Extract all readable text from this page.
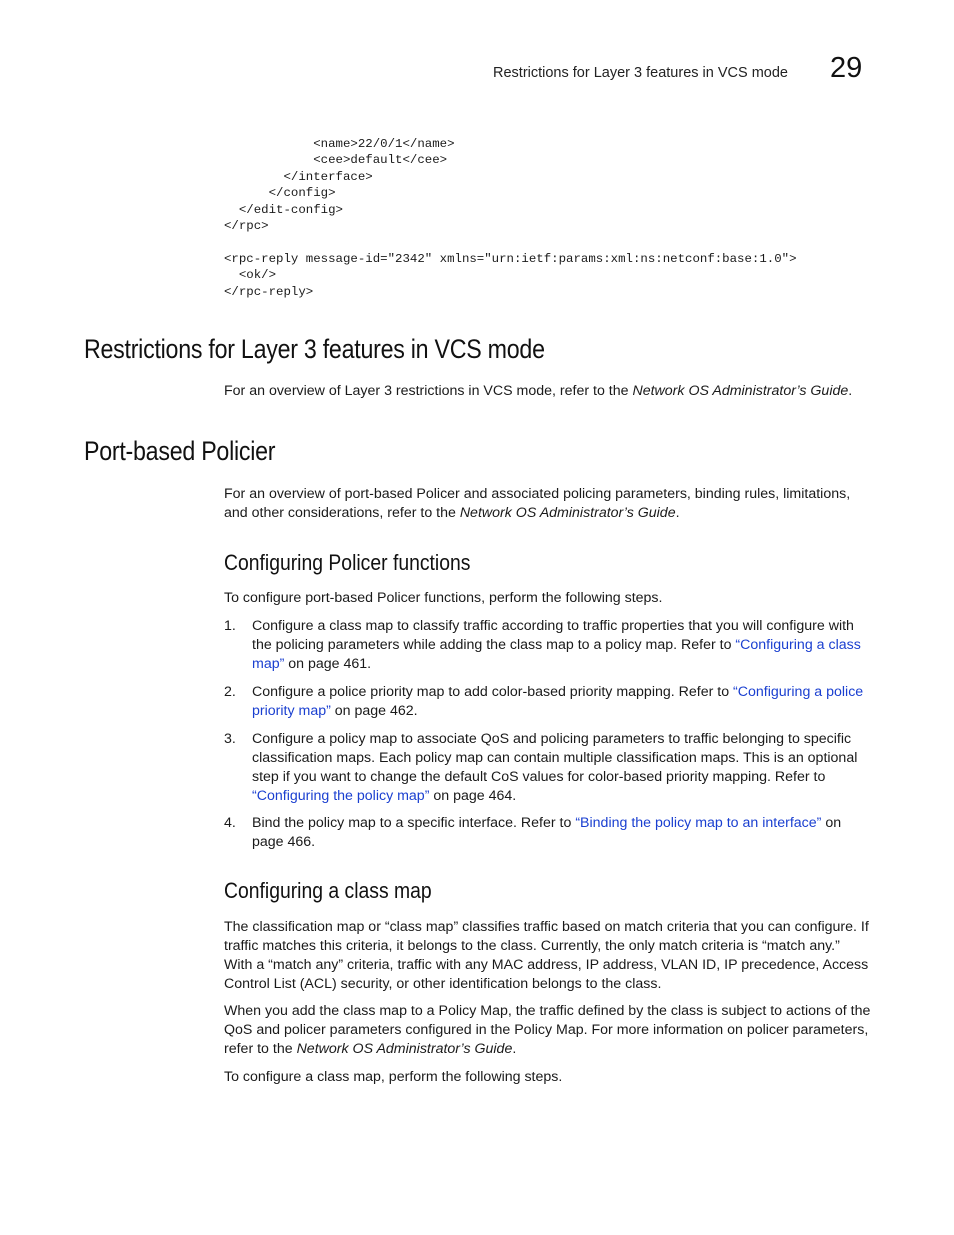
Restrictions for Layer 3 features in VCS mode 29
<name>22/0/1</name>
<cee>default</cee>
</interface>
</config>
</edit-config>
</rpc>
<rpc-reply message-id="2342" xmlns="urn:ietf:params:xml:ns:netconf:base:1.0">
<ok/>
</rpc-reply>
Restrictions for Layer 3 features in VCS mode

For an overview of Layer 3 restrictions in VCS mode, refer to the Network OS Administrator’s Guide.

Port-based Policier

For an overview of port-based Policer and associated policing parameters, binding rules, limitations, and other considerations, refer to the Network OS Administrator’s Guide.

Configuring Policer functions

To configure port-based Policer functions, perform the following steps.

1. Configure a class map to classify traffic according to traffic properties that you will configure with the policing parameters while adding the class map to a policy map. Refer to “Configuring a class map” on page 461.
2. Configure a police priority map to add color-based priority mapping. Refer to “Configuring a police priority map” on page 462.
3. Configure a policy map to associate QoS and policing parameters to traffic belonging to specific classification maps. Each policy map can contain multiple classification maps. This is an optional step if you want to change the default CoS values for color-based priority mapping. Refer to “Configuring the policy map” on page 464.
4. Bind the policy map to a specific interface. Refer to “Binding the policy map to an interface” on page 466.
Configuring a class map

The classification map or “class map” classifies traffic based on match criteria that you can configure. If traffic matches this criteria, it belongs to the class. Currently, the only match criteria is “match any.” With a “match any” criteria, traffic with any MAC address, IP address, VLAN ID, IP precedence, Access Control List (ACL) security, or other identification belongs to the class.

When you add the class map to a Policy Map, the traffic defined by the class is subject to actions of the QoS and policer parameters configured in the Policy Map. For more information on policer parameters, refer to the Network OS Administrator’s Guide.

To configure a class map, perform the following steps.
